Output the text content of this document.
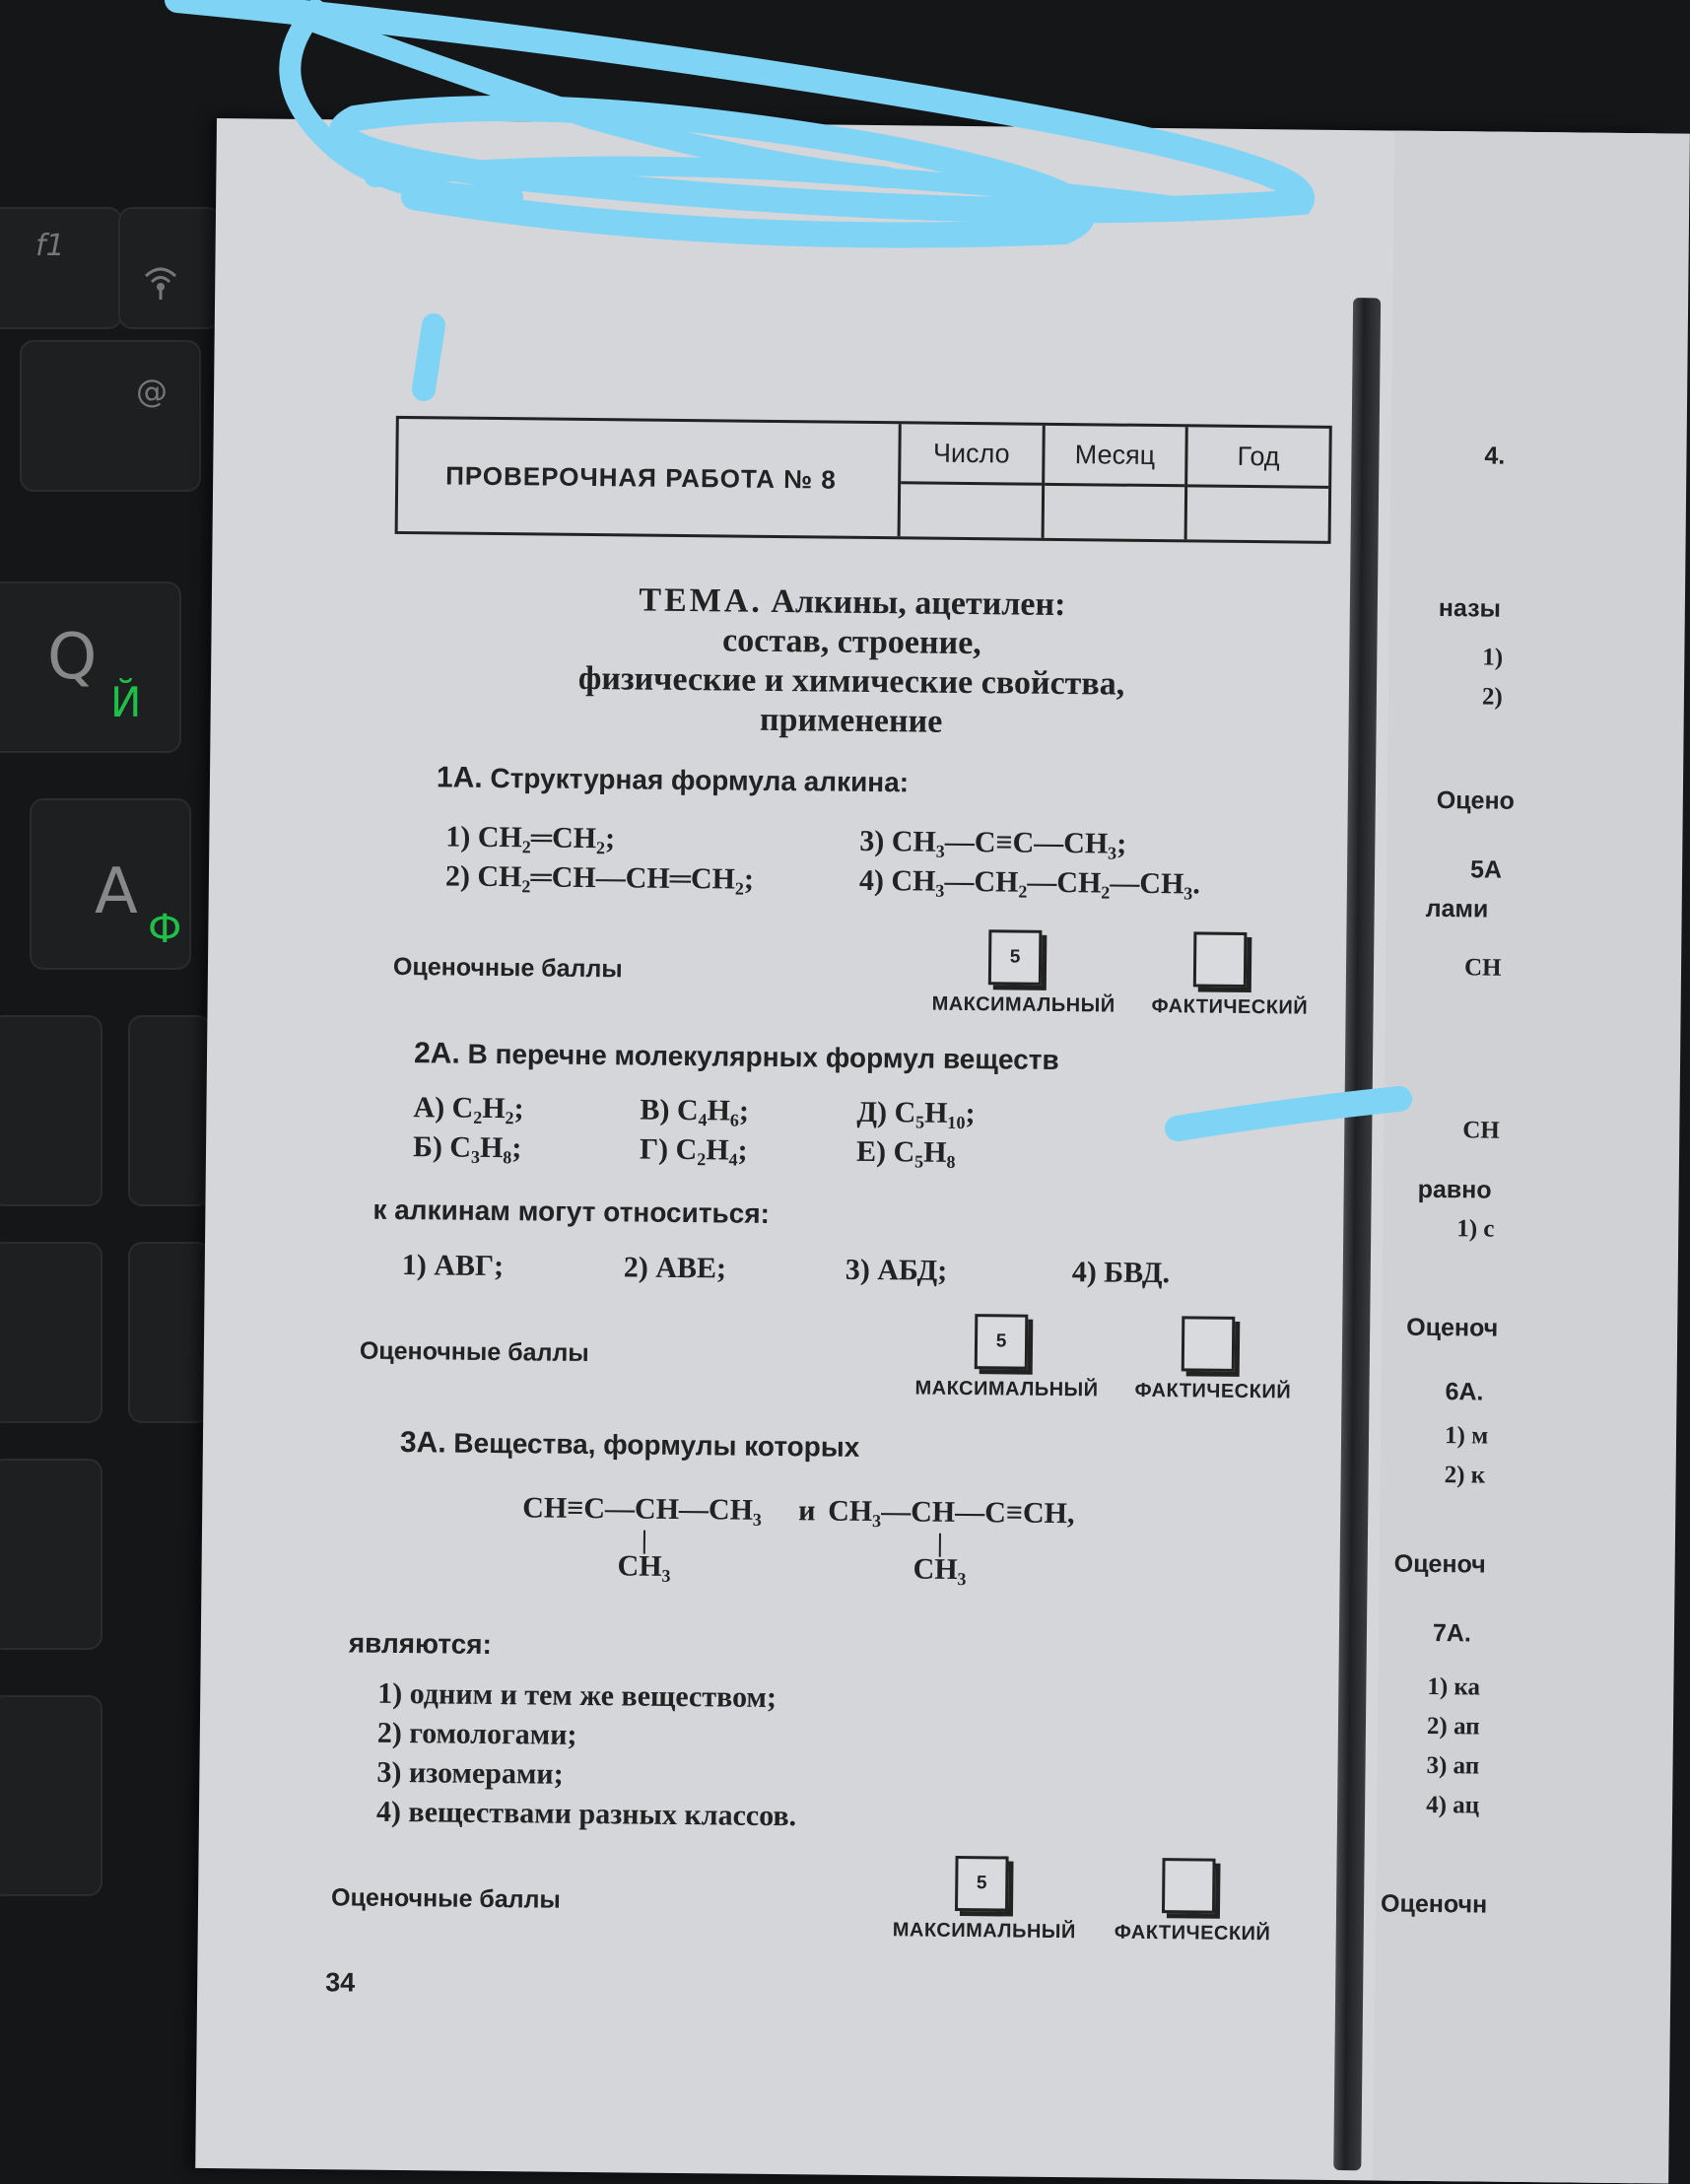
f1
@
Q
Й
A
Ф
4.
назы
1)
2)
Оцено
5А
лами
CH
CH
равно
1) с
Оценоч
6А.
1) м
2) к
Оценоч
7А.
1) ка
2) ап
3) ап
4) ац
Оценочн
ПРОВЕРОЧНАЯ РАБОТА № 8
Число	Месяц	Год
ТЕМА. Алкины, ацетилен:
состав, строение,
физические и химические свойства,
применение
1А. Структурная формула алкина:
1) CH₂═CH₂;
2) CH₂═CH—CH═CH₂;
3) CH₃—C≡C—CH₃;
4) CH₃—CH₂—CH₂—CH₃.
Оценочные баллы	5
МАКСИМАЛЬНЫЙ ФАКТИЧЕСКИЙ
2А. В перечне молекулярных формул веществ
А) C₂H₂;
Б) C₃H₈;
В) C₄H₆;
Г) C₂H₄;
Д) C₅H₁₀;
Е) C₅H₈
к алкинам могут относиться:
1) АВГ;	2) АВЕ;	3) АБД;	4) БВД.
Оценочные баллы	5
МАКСИМАЛЬНЫЙ ФАКТИЧЕСКИЙ
3А. Вещества, формулы которых
CH≡C—CH—CH₃ и CH₃—CH—C≡CH,
CH₃	CH₃
являются:
1) одним и тем же веществом;
2) гомологами;
3) изомерами;
4) веществами разных классов.
Оценочные баллы
5
МАКСИМАЛЬНЫЙ ФАКТИЧЕСКИЙ
34
